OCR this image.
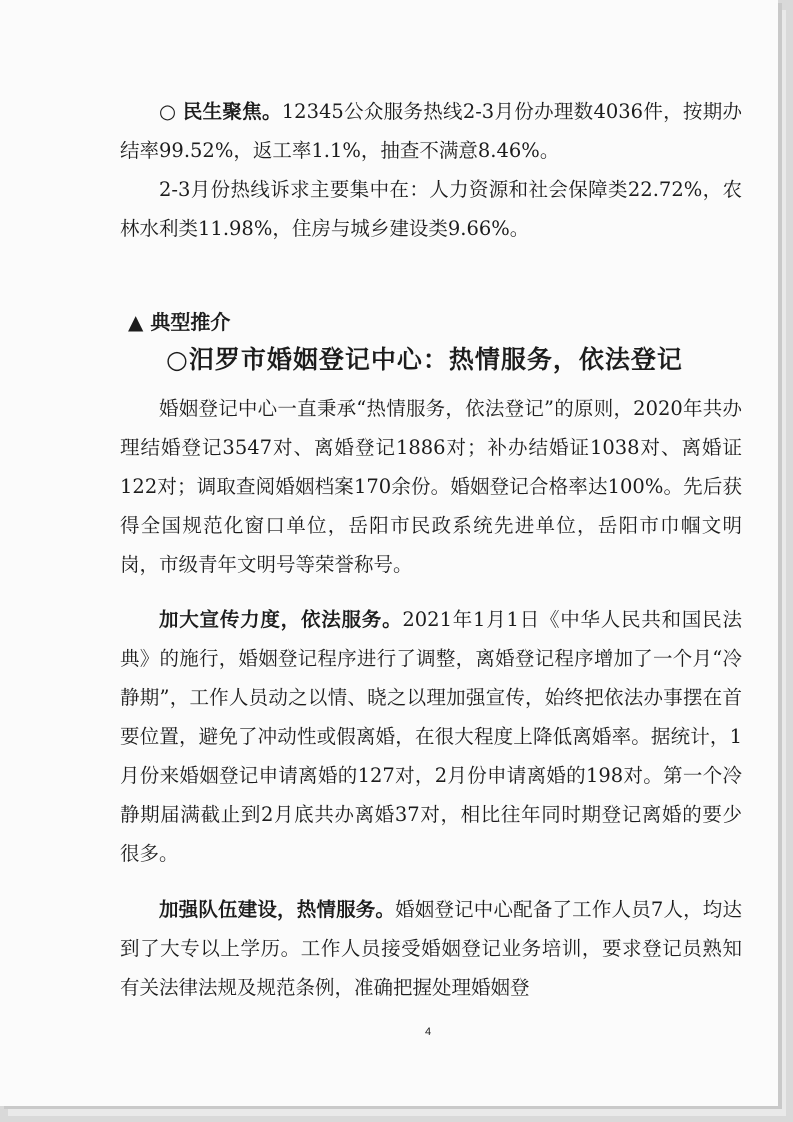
○ 民生聚焦。12345公众服务热线2-3月份办理数4036件，按期办结率99.52%，返工率1.1%，抽查不满意8.46%。

2-3月份热线诉求主要集中在：人力资源和社会保障类22.72%，农林水利类11.98%，住房与城乡建设类9.66%。

▲ 典型推介
○汨罗市婚姻登记中心：热情服务，依法登记

婚姻登记中心一直秉承“热情服务，依法登记”的原则，2020年共办理结婚登记3547对、离婚登记1886对；补办结婚证1038对、离婚证122对；调取查阅婚姻档案170余份。婚姻登记合格率达100%。先后获得全国规范化窗口单位，岳阳市民政系统先进单位，岳阳市巾帼文明岗，市级青年文明号等荣誉称号。

加大宣传力度，依法服务。2021年1月1日《中华人民共和国民法典》的施行，婚姻登记程序进行了调整，离婚登记程序增加了一个月“冷静期”，工作人员动之以情、晓之以理加强宣传，始终把依法办事摆在首要位置，避免了冲动性或假离婚，在很大程度上降低离婚率。据统计，1月份来婚姻登记申请离婚的127对，2月份申请离婚的198对。第一个冷静期届满截止到2月底共办离婚37对，相比往年同时期登记离婚的要少很多。

加强队伍建设，热情服务。婚姻登记中心配备了工作人员7人，均达到了大专以上学历。工作人员接受婚姻登记业务培训，要求登记员熟知有关法律法规及规范条例，准确把握处理婚姻登

4
